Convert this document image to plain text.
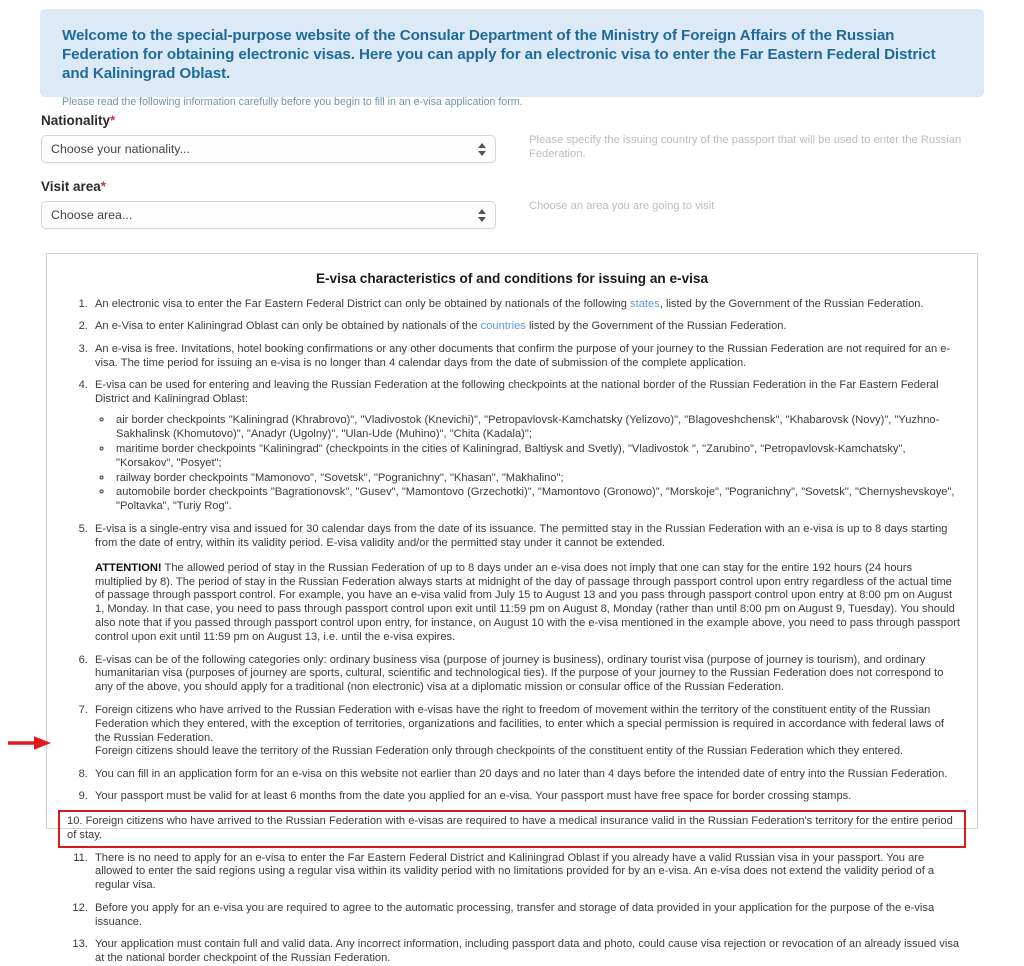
Welcome to the special-purpose website of the Consular Department of the Ministry of Foreign Affairs of the Russian Federation for obtaining electronic visas. Here you can apply for an electronic visa to enter the Far Eastern Federal District and Kaliningrad Oblast.
Please read the following information carefully before you begin to fill in an e-visa application form.
Nationality*
Choose your nationality...
Please specify the issuing country of the passport that will be used to enter the Russian Federation.
Visit area*
Choose area...
Choose an area you are going to visit
E-visa characteristics of and conditions for issuing an e-visa
1. An electronic visa to enter the Far Eastern Federal District can only be obtained by nationals of the following states, listed by the Government of the Russian Federation.
2. An e-Visa to enter Kaliningrad Oblast can only be obtained by nationals of the countries listed by the Government of the Russian Federation.
3. An e-visa is free. Invitations, hotel booking confirmations or any other documents that confirm the purpose of your journey to the Russian Federation are not required for an e-visa. The time period for issuing an e-visa is no longer than 4 calendar days from the date of submission of the complete application.
4. E-visa can be used for entering and leaving the Russian Federation at the following checkpoints at the national border of the Russian Federation in the Far Eastern Federal District and Kaliningrad Oblast:
◦ air border checkpoints "Kaliningrad (Khrabrovo)", "Vladivostok (Knevichi)", "Petropavlovsk-Kamchatsky (Yelizovo)", "Blagoveshchensk", "Khabarovsk (Novy)", "Yuzhno-Sakhalinsk (Khomutovo)", "Anadyr (Ugolny)", "Ulan-Ude (Muhino)", "Chita (Kadala)";
◦ maritime border checkpoints "Kaliningrad" (checkpoints in the cities of Kaliningrad, Baltiysk and Svetly), "Vladivostok ", "Zarubino", "Petropavlovsk-Kamchatsky", "Korsakov", "Posyet";
◦ railway border checkpoints "Mamonovo", "Sovetsk", "Pogranichny", "Khasan", "Makhalino";
◦ automobile border checkpoints "Bagrationovsk", "Gusev", "Mamontovo (Grzechotki)", "Mamontovo (Gronowo)", "Morskoje", "Pogranichny", "Sovetsk", "Chernyshevskoye", "Poltavka", "Turiy Rog".
5. E-visa is a single-entry visa and issued for 30 calendar days from the date of its issuance. The permitted stay in the Russian Federation with an e-visa is up to 8 days starting from the date of entry, within its validity period. E-visa validity and/or the permitted stay under it cannot be extended.
ATTENTION! The allowed period of stay in the Russian Federation of up to 8 days under an e-visa does not imply that one can stay for the entire 192 hours (24 hours multiplied by 8). The period of stay in the Russian Federation always starts at midnight of the day of passage through passport control upon entry regardless of the actual time of passage through passport control. For example, you have an e-visa valid from July 15 to August 13 and you pass through passport control upon entry at 8:00 pm on August 1, Monday. In that case, you need to pass through passport control upon exit until 11:59 pm on August 8, Monday (rather than until 8:00 pm on August 9, Tuesday). You should also note that if you passed through passport control upon entry, for instance, on August 10 with the e-visa mentioned in the example above, you need to pass through passport control upon exit until 11:59 pm on August 13, i.e. until the e-visa expires.
6. E-visas can be of the following categories only: ordinary business visa (purpose of journey is business), ordinary tourist visa (purpose of journey is tourism), and ordinary humanitarian visa (purposes of journey are sports, cultural, scientific and technological ties). If the purpose of your journey to the Russian Federation does not correspond to any of the above, you should apply for a traditional (non electronic) visa at a diplomatic mission or consular office of the Russian Federation.
7. Foreign citizens who have arrived to the Russian Federation with e-visas have the right to freedom of movement within the territory of the constituent entity of the Russian Federation which they entered, with the exception of territories, organizations and facilities, to enter which a special permission is required in accordance with federal laws of the Russian Federation.
Foreign citizens should leave the territory of the Russian Federation only through checkpoints of the constituent entity of the Russian Federation which they entered.
8. You can fill in an application form for an e-visa on this website not earlier than 20 days and no later than 4 days before the intended date of entry into the Russian Federation.
9. Your passport must be valid for at least 6 months from the date you applied for an e-visa. Your passport must have free space for border crossing stamps.
10. Foreign citizens who have arrived to the Russian Federation with e-visas are required to have a medical insurance valid in the Russian Federation's territory for the entire period of stay.
11. There is no need to apply for an e-visa to enter the Far Eastern Federal District and Kaliningrad Oblast if you already have a valid Russian visa in your passport. You are allowed to enter the said regions using a regular visa within its validity period with no limitations provided for by an e-visa. An e-visa does not extend the validity period of a regular visa.
12. Before you apply for an e-visa you are required to agree to the automatic processing, transfer and storage of data provided in your application for the purpose of the e-visa issuance.
13. Your application must contain full and valid data. Any incorrect information, including passport data and photo, could cause visa rejection or revocation of an already issued visa at the national border checkpoint of the Russian Federation.
